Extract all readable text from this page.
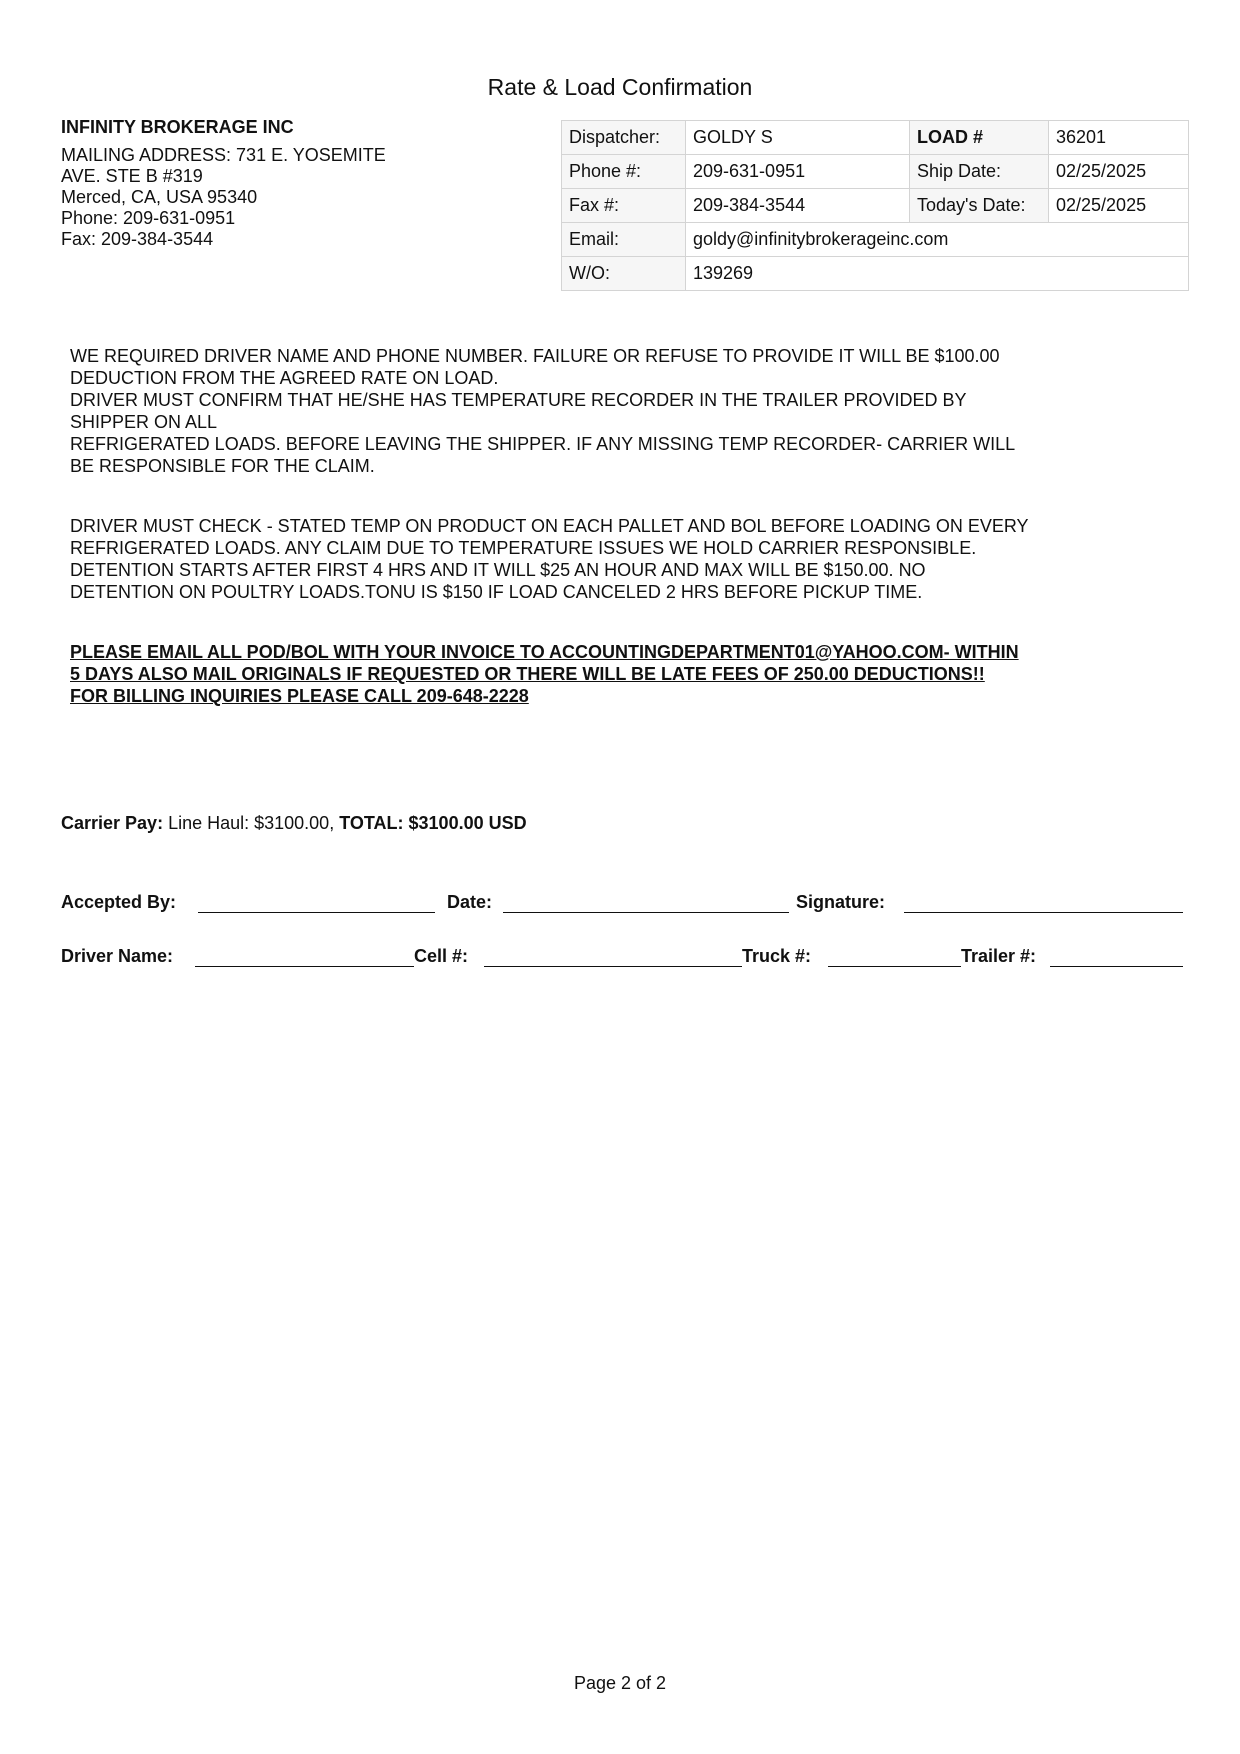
Rate & Load Confirmation
INFINITY BROKERAGE INC
MAILING ADDRESS: 731 E. YOSEMITE
AVE. STE B #319
Merced, CA, USA 95340
Phone: 209-631-0951
Fax: 209-384-3544
Dispatcher:	GOLDY S	LOAD #	36201
Phone #:	209-631-0951	Ship Date:	02/25/2025
Fax #:	209-384-3544	Today's Date:	02/25/2025
Email:	goldy@infinitybrokerageinc.com		
W/O:	139269		
WE REQUIRED DRIVER NAME AND PHONE NUMBER. FAILURE OR REFUSE TO PROVIDE IT WILL BE $100.00
DEDUCTION FROM THE AGREED RATE ON LOAD.
DRIVER MUST CONFIRM THAT HE/SHE HAS TEMPERATURE RECORDER IN THE TRAILER PROVIDED BY
SHIPPER ON ALL
REFRIGERATED LOADS. BEFORE LEAVING THE SHIPPER. IF ANY MISSING TEMP RECORDER- CARRIER WILL
BE RESPONSIBLE FOR THE CLAIM.
DRIVER MUST CHECK - STATED TEMP ON PRODUCT ON EACH PALLET AND BOL BEFORE LOADING ON EVERY
REFRIGERATED LOADS. ANY CLAIM DUE TO TEMPERATURE ISSUES WE HOLD CARRIER RESPONSIBLE.
DETENTION STARTS AFTER FIRST 4 HRS AND IT WILL $25 AN HOUR AND MAX WILL BE $150.00. NO
DETENTION ON POULTRY LOADS.TONU IS $150 IF LOAD CANCELED 2 HRS BEFORE PICKUP TIME.
PLEASE EMAIL ALL POD/BOL WITH YOUR INVOICE TO ACCOUNTINGDEPARTMENT01@YAHOO.COM- WITHIN
5 DAYS ALSO MAIL ORIGINALS IF REQUESTED OR THERE WILL BE LATE FEES OF 250.00 DEDUCTIONS!!
FOR BILLING INQUIRIES PLEASE CALL 209-648-2228
Carrier Pay: Line Haul: $3100.00, TOTAL: $3100.00 USD
Accepted By:	Date:	Signature:
Driver Name:	Cell #:	Truck #:	Trailer #:
Page 2 of 2
